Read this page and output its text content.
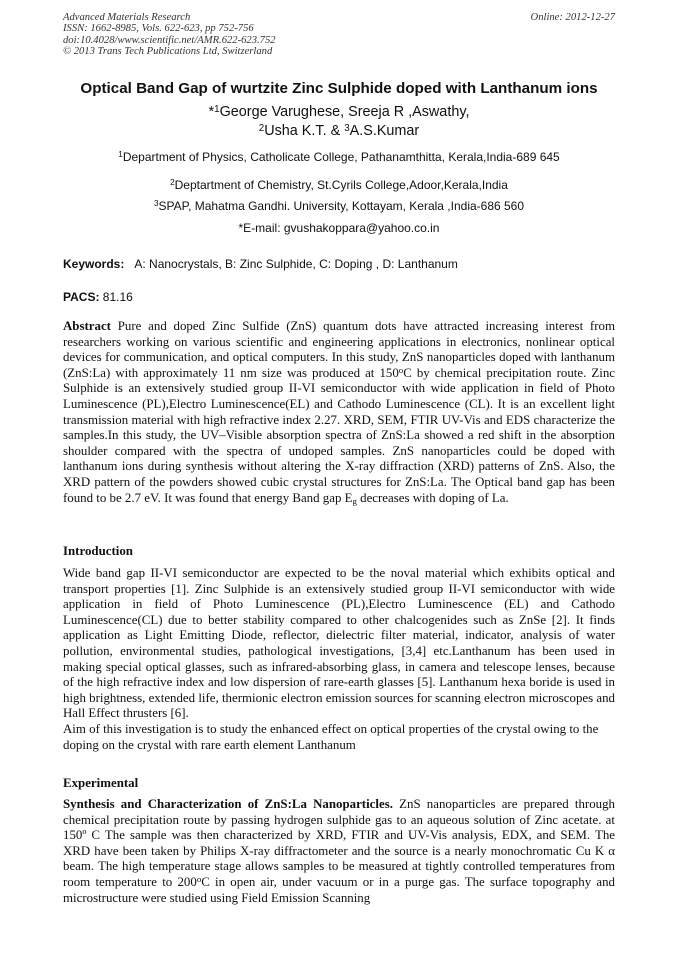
Advanced Materials Research
ISSN: 1662-8985, Vols. 622-623, pp 752-756
doi:10.4028/www.scientific.net/AMR.622-623.752
© 2013 Trans Tech Publications Ltd, Switzerland
Online: 2012-12-27
Optical Band Gap of wurtzite Zinc Sulphide doped with Lanthanum ions
*$^1$George Varughese, Sreeja R ,Aswathy,
$^2$Usha K.T. & $^3$A.S.Kumar
$^1$Department of Physics, Catholicate College, Pathanamthitta, Kerala,India-689 645
$^2$Deptartment of Chemistry, St.Cyrils College,Adoor,Kerala,India
$^3$SPAP, Mahatma Gandhi. University, Kottayam, Kerala ,India-686 560
*E-mail: gvushakoppara@yahoo.co.in
Keywords: A: Nanocrystals, B: Zinc Sulphide, C: Doping , D: Lanthanum
PACS: 81.16

Abstract Pure and doped Zinc Sulfide (ZnS) quantum dots have attracted increasing interest from researchers working on various scientific and engineering applications in electronics, nonlinear optical devices for communication, and optical computers. In this study, ZnS nanoparticles doped with lanthanum (ZnS:La) with approximately 11 nm size was produced at 150$^o$C by chemical precipitation route. Zinc Sulphide is an extensively studied group II-VI semiconductor with wide application in field of Photo Luminescence (PL),Electro Luminescence(EL) and Cathodo Luminescence (CL). It is an excellent light transmission material with high refractive index 2.27. XRD, SEM, FTIR UV-Vis and EDS characterize the samples.In this study, the UV–Visible absorption spectra of ZnS:La showed a red shift in the absorption shoulder compared with the spectra of undoped samples. ZnS nanoparticles could be doped with lanthanum ions during synthesis without altering the X-ray diffraction (XRD) patterns of ZnS. Also, the XRD pattern of the powders showed cubic crystal structures for ZnS:La. The Optical band gap has been found to be 2.7 eV. It was found that energy Band gap $E_g$ decreases with doping of La.

Introduction

Wide band gap II-VI semiconductor are expected to be the noval material which exhibits optical and transport properties [1]. Zinc Sulphide is an extensively studied group II-VI semiconductor with wide application in field of Photo Luminescence (PL),Electro Luminescence (EL) and Cathodo Luminescence(CL) due to better stability compared to other chalcogenides such as ZnSe [2]. It finds application as Light Emitting Diode, reflector, dielectric filter material, indicator, analysis of water pollution, environmental studies, pathological investigations, [3,4] etc.Lanthanum has been used in making special optical glasses, such as infrared-absorbing glass, in camera and telescope lenses, because of the high refractive index and low dispersion of rare-earth glasses [5]. Lanthanum hexa boride is used in high brightness, extended life, thermionic electron emission sources for scanning electron microscopes and Hall Effect thrusters [6].

Aim of this investigation is to study the enhanced effect on optical properties of the crystal owing to the doping on the crystal with rare earth element Lanthanum

Experimental

Synthesis and Characterization of ZnS:La Nanoparticles. ZnS nanoparticles are prepared through chemical precipitation route by passing hydrogen sulphide gas to an aqueous solution of Zinc acetate. at 150º C The sample was then characterized by XRD, FTIR and UV-Vis analysis, EDX, and SEM. The XRD have been taken by Philips X-ray diffractometer and the source is a nearly monochromatic Cu K α beam. The high temperature stage allows samples to be measured at tightly controlled temperatures from room temperature to 200$^o$C in open air, under vacuum or in a purge gas. The surface topography and microstructure were studied using Field Emission Scanning
